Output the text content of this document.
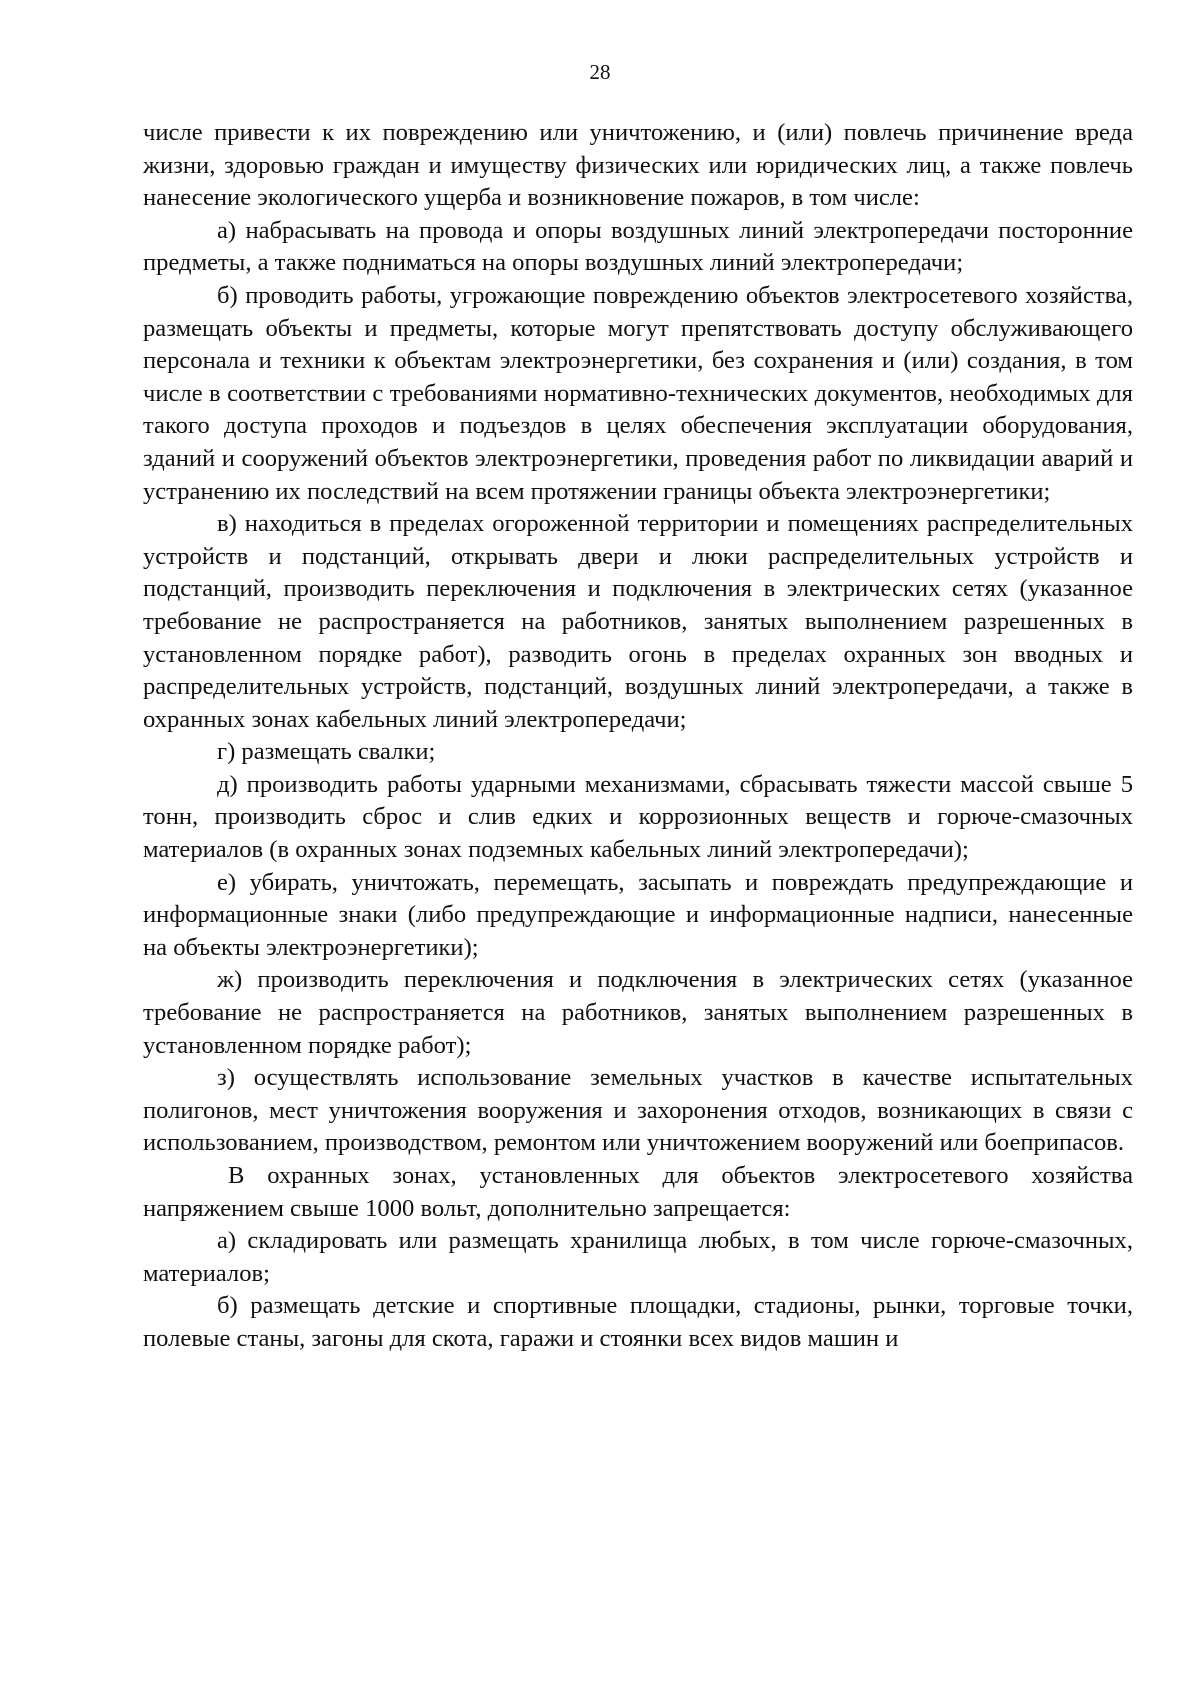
28

числе привести к их повреждению или уничтожению, и (или) повлечь причинение вреда жизни, здоровью граждан и имуществу физических или юридических лиц, а также повлечь нанесение экологического ущерба и возникновение пожаров, в том числе:

а) набрасывать на провода и опоры воздушных линий электропередачи посторонние предметы, а также подниматься на опоры воздушных линий электропередачи;

б) проводить работы, угрожающие повреждению объектов электросетевого хозяйства, размещать объекты и предметы, которые могут препятствовать доступу обслуживающего персонала и техники к объектам электроэнергетики, без сохранения и (или) создания, в том числе в соответствии с требованиями нормативно-технических документов, необходимых для такого доступа проходов и подъездов в целях обеспечения эксплуатации оборудования, зданий и сооружений объектов электроэнергетики, проведения работ по ликвидации аварий и устранению их последствий на всем протяжении границы объекта электроэнергетики;

в) находиться в пределах огороженной территории и помещениях распределительных устройств и подстанций, открывать двери и люки распределительных устройств и подстанций, производить переключения и подключения в электрических сетях (указанное требование не распространяется на работников, занятых выполнением разрешенных в установленном порядке работ), разводить огонь в пределах охранных зон вводных и распределительных устройств, подстанций, воздушных линий электропередачи, а также в охранных зонах кабельных линий электропередачи;

г) размещать свалки;

д) производить работы ударными механизмами, сбрасывать тяжести массой свыше 5 тонн, производить сброс и слив едких и коррозионных веществ и горюче-смазочных материалов (в охранных зонах подземных кабельных линий электропередачи);

е) убирать, уничтожать, перемещать, засыпать и повреждать предупреждающие и информационные знаки (либо предупреждающие и информационные надписи, нанесенные на объекты электроэнергетики);

ж) производить переключения и подключения в электрических сетях (указанное требование не распространяется на работников, занятых выполнением разрешенных в установленном порядке работ);

з) осуществлять использование земельных участков в качестве испытательных полигонов, мест уничтожения вооружения и захоронения отходов, возникающих в связи с использованием, производством, ремонтом или уничтожением вооружений или боеприпасов.

В охранных зонах, установленных для объектов электросетевого хозяйства напряжением свыше 1000 вольт, дополнительно запрещается:

а) складировать или размещать хранилища любых, в том числе горюче-смазочных, материалов;

б) размещать детские и спортивные площадки, стадионы, рынки, торговые точки, полевые станы, загоны для скота, гаражи и стоянки всех видов машин и
